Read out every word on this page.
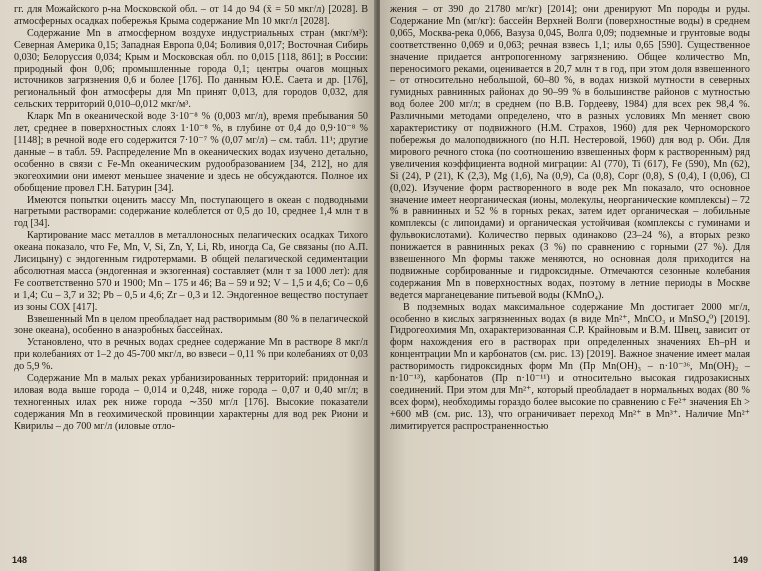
гг. для Можайского р-на Московской обл. – от 14 до 94 (x̄ = 50 мкг/л) [2028]. В атмосферных осадках побережья Крыма содержание Mn 10 мкг/л [2028].

Содержание Mn в атмосферном воздухе индустриальных стран (мкг/м³): Северная Америка 0,15; Западная Европа 0,04; Боливия 0,017; Восточная Сибирь 0,030; Белоруссия 0,034; Крым и Московская обл. по 0,015 [118, 861]; в России: природный фон 0,06; промышленные города 0,1; центры очагов мощных источников загрязнения 0,6 и более [176]. По данным Ю.Е. Саета и др. [176], региональный фон атмосферы для Mn принят 0,013, для городов 0,032, для сельских территорий 0,010–0,012 мкг/м³.

Кларк Mn в океанической воде 3·10⁻⁸ % (0,003 мг/л), время пребывания 50 лет, среднее в поверхностных слоях 1·10⁻⁸ %, в глубине от 0,4 до 0,9·10⁻⁸ % [1148]; в речной воде его содержится 7·10⁻⁷ % (0,07 мг/л) – см. табл. 11¹; другие данные – в табл. 59. Распределение Mn в океанических водах изучено детально, особенно в связи с Fe-Mn океаническим рудообразованием [34, 212], но для экогеохимии они имеют меньшее значение и здесь не обсуждаются. Полное их обобщение провел Г.Н. Батурин [34].

Имеются попытки оценить массу Mn, поступающего в океан с подводными нагретыми растворами: содержание колеблется от 0,5 до 10, среднее 1,4 млн т в год [34].

Картирование масс металлов в металлоносных пелагических осадках Тихого океана показало, что Fe, Mn, V, Si, Zn, Y, Li, Rb, иногда Ca, Ge связаны (по А.П. Лисицыну) с эндогенным гидротермами. В общей пелагической седиментации абсолютная масса (эндогенная и экзогенная) составляет (млн т за 1000 лет): для Fe соответственно 570 и 1900; Mn – 175 и 46; Ba – 59 и 92; V – 1,5 и 4,6; Co – 0,6 и 1,4; Cu – 3,7 и 32; Pb – 0,5 и 4,6; Zr – 0,3 и 12. Эндогенное вещество поступает из зоны СОХ [417].

Взвешенный Mn в целом преобладает над растворимым (80 % в пелагической зоне океана), особенно в анаэробных бассейнах.

Установлено, что в речных водах среднее содержание Mn в растворе 8 мкг/л при колебаниях от 1–2 до 45-700 мкг/л, во взвеси – 0,11 % при колебаниях от 0,03 до 5,9 %.

Содержание Mn в малых реках урбанизированных территорий: придонная и иловая вода выше города – 0,014 и 0,248, ниже города – 0,07 и 0,40 мг/л; в техногенных илах рек ниже города ∼350 мг/л [176]. Высокие показатели содержания Mn в геохимической провинции характерны для вод рек Риони и Квирилы – до 700 мг/л (иловые отло-

148

жения – от 390 до 21780 мг/кг) [2014]; они дренируют Mn породы и руды. Содержание Mn (мг/кг): бассейн Верхней Волги (поверхностные воды) в среднем 0,065, Москва-река 0,066, Вазуза 0,045, Волга 0,09; подземные и грунтовые воды соответственно 0,069 и 0,063; речная взвесь 1,1; илы 0,65 [590]. Существенное значение придается антропогенному загрязнению. Общее количество Mn, переносимого реками, оценивается в 20,7 млн т в год, при этом доля взвешенного – от относительно небольшой, 60–80 %, в водах низкой мутности в северных гумидных равнинных районах до 90–99 % в большинстве районов с мутностью вод более 200 мг/л; в среднем (по В.В. Гордееву, 1984) для всех рек 98,4 %. Различными методами определено, что в разных условиях Mn меняет свою характеристику от подвижного (Н.М. Страхов, 1960) для рек Черноморского побережья до малоподвижного (по Н.П. Нестеровой, 1960) для вод р. Оби. Для мирового речного стока (по соотношению взвешенных форм к растворенным) ряд увеличения коэффициента водной миграции: Al (770), Ti (617), Fe (590), Mn (62), Si (24), P (21), K (2,3), Mg (1,6), Na (0,9), Ca (0,8), Cорг (0,8), S (0,4), I (0,06), Cl (0,02). Изучение форм растворенного в воде рек Mn показало, что основное значение имеет неорганическая (ионы, молекулы, неорганические комплексы) – 72 % в равнинных и 52 % в горных реках, затем идет органическая – лобильные комплексы (с липоидами) и органическая устойчивая (комплексы с гуминами и фульвокислотами). Количество первых одинаково (23–24 %), а вторых резко понижается в равнинных реках (3 %) по сравнению с горными (27 %). Для взвешенного Mn формы также меняются, но основная доля приходится на подвижные сорбированные и гидроксидные. Отмечаются сезонные колебания содержания Mn в поверхностных водах, поэтому в летние периоды в Москве ведется марганецевание питьевой воды (KMnO₄).

В подземных водах максимальное содержание Mn достигает 2000 мг/л, особенно в кислых загрязненных водах (в виде Mn²⁺, MnCO₃ и MnSO₄⁰) [2019]. Гидрогеохимия Mn, охарактеризованная С.Р. Крайновым и В.М. Швец, зависит от форм нахождения его в растворах при определенных значениях Eh–pH и концентрации Mn и карбонатов (см. рис. 13) [2019]. Важное значение имеет малая растворимость гидроксидных форм Mn (Пр Mn(OH)₃ – n·10⁻³⁶, Mn(OH)₂ – n·10⁻¹³), карбонатов (Пр n·10⁻¹¹) и относительно высокая гидрозакисных соединений. При этом для Mn²⁺, который преобладает в нормальных водах (80 % всех форм), необходимы гораздо более высокие по сравнению с Fe²⁺ значения Eh > +600 мВ (см. рис. 13), что ограничивает переход Mn²⁺ в Mn³⁺. Наличие Mn²⁺ лимитируется распространенностью

149
